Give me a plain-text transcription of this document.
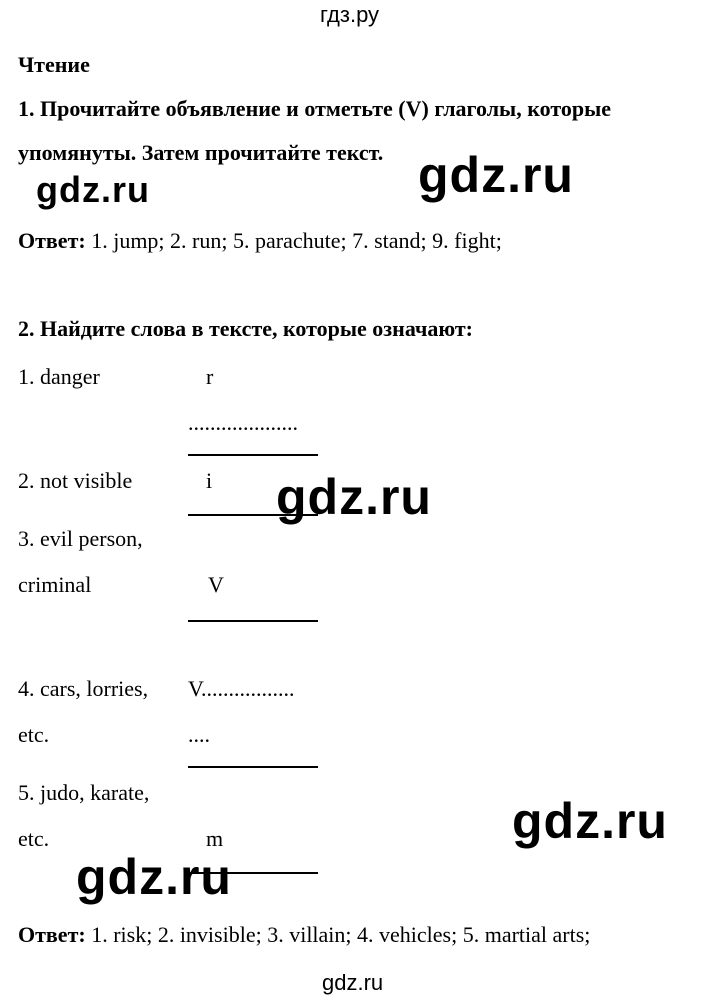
гдз.ру
Чтение
1. Прочитайте объявление и отметьте (V) глаголы, которые
упомянуты. Затем прочитайте текст.
gdz.ru	gdz.ru
Ответ: 1. jump; 2. run; 5. parachute; 7. stand; 9. fight;
2. Найдите слова в тексте, которые означают:
1. danger	r
....................
2. not visible	i gdz.ru
3. evil person,
criminal	V
4. cars, lorries, V.................
etc.	....
5. judo, karate,
etc.	m	gdz.ru
gdz.ru
Ответ: 1. risk; 2. invisible; 3. villain; 4. vehicles; 5. martial arts;
gdz.ru
